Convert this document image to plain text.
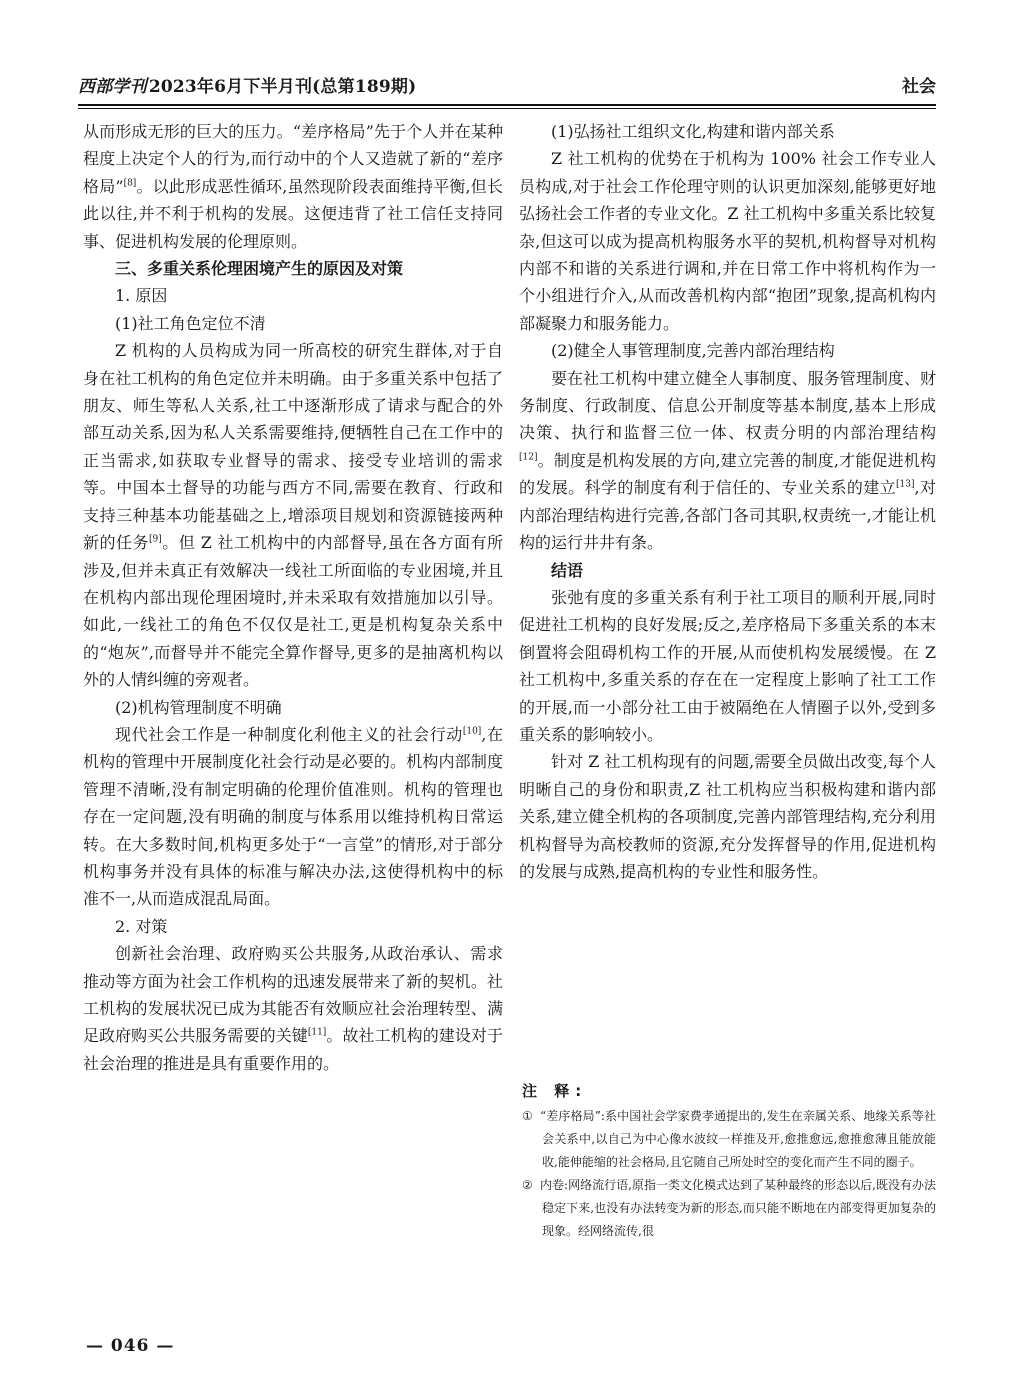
西部学刊 2023年6月下半月刊(总第189期)	社会

从而形成无形的巨大的压力。“差序格局”先于个人并在某种程度上决定个人的行为,而行动中的个人又造就了新的“差序格局”[8]。以此形成恶性循环,虽然现阶段表面维持平衡,但长此以往,并不利于机构的发展。这便违背了社工信任支持同事、促进机构发展的伦理原则。

三、多重关系伦理困境产生的原因及对策

1. 原因

(1)社工角色定位不清

Z 机构的人员构成为同一所高校的研究生群体,对于自身在社工机构的角色定位并未明确。由于多重关系中包括了朋友、师生等私人关系,社工中逐渐形成了请求与配合的外部互动关系,因为私人关系需要维持,便牺牲自己在工作中的正当需求,如获取专业督导的需求、接受专业培训的需求等。中国本土督导的功能与西方不同,需要在教育、行政和支持三种基本功能基础之上,增添项目规划和资源链接两种新的任务[9]。但 Z 社工机构中的内部督导,虽在各方面有所涉及,但并未真正有效解决一线社工所面临的专业困境,并且在机构内部出现伦理困境时,并未采取有效措施加以引导。如此,一线社工的角色不仅仅是社工,更是机构复杂关系中的“炮灰”,而督导并不能完全算作督导,更多的是抽离机构以外的人情纠缠的旁观者。

(2)机构管理制度不明确

现代社会工作是一种制度化利他主义的社会行动[10],在机构的管理中开展制度化社会行动是必要的。机构内部制度管理不清晰,没有制定明确的伦理价值准则。机构的管理也存在一定问题,没有明确的制度与体系用以维持机构日常运转。在大多数时间,机构更多处于“一言堂”的情形,对于部分机构事务并没有具体的标准与解决办法,这使得机构中的标准不一,从而造成混乱局面。

2. 对策

创新社会治理、政府购买公共服务,从政治承认、需求推动等方面为社会工作机构的迅速发展带来了新的契机。社工机构的发展状况已成为其能否有效顺应社会治理转型、满足政府购买公共服务需要的关键[11]。故社工机构的建设对于社会治理的推进是具有重要作用的。

(1)弘扬社工组织文化,构建和谐内部关系

Z 社工机构的优势在于机构为 100% 社会工作专业人员构成,对于社会工作伦理守则的认识更加深刻,能够更好地弘扬社会工作者的专业文化。Z 社工机构中多重关系比较复杂,但这可以成为提高机构服务水平的契机,机构督导对机构内部不和谐的关系进行调和,并在日常工作中将机构作为一个小组进行介入,从而改善机构内部“抱团”现象,提高机构内部凝聚力和服务能力。

(2)健全人事管理制度,完善内部治理结构

要在社工机构中建立健全人事制度、服务管理制度、财务制度、行政制度、信息公开制度等基本制度,基本上形成决策、执行和监督三位一体、权责分明的内部治理结构[12]。制度是机构发展的方向,建立完善的制度,才能促进机构的发展。科学的制度有利于信任的、专业关系的建立[13],对内部治理结构进行完善,各部门各司其职,权责统一,才能让机构的运行井井有条。

结语

张弛有度的多重关系有利于社工项目的顺利开展,同时促进社工机构的良好发展;反之,差序格局下多重关系的本末倒置将会阻碍机构工作的开展,从而使机构发展缓慢。在 Z 社工机构中,多重关系的存在在一定程度上影响了社工工作的开展,而一小部分社工由于被隔绝在人情圈子以外,受到多重关系的影响较小。

针对 Z 社工机构现有的问题,需要全员做出改变,每个人明晰自己的身份和职责,Z 社工机构应当积极构建和谐内部关系,建立健全机构的各项制度,完善内部管理结构,充分利用机构督导为高校教师的资源,充分发挥督导的作用,促进机构的发展与成熟,提高机构的专业性和服务性。

注 释:
① “差序格局”:系中国社会学家费孝通提出的,发生在亲属关系、地缘关系等社会关系中,以自己为中心像水波纹一样推及开,愈推愈远,愈推愈薄且能放能收,能伸能缩的社会格局,且它随自己所处时空的变化而产生不同的圈子。
② 内卷:网络流行语,原指一类文化模式达到了某种最终的形态以后,既没有办法稳定下来,也没有办法转变为新的形态,而只能不断地在内部变得更加复杂的现象。经网络流传,很
— 046 —
